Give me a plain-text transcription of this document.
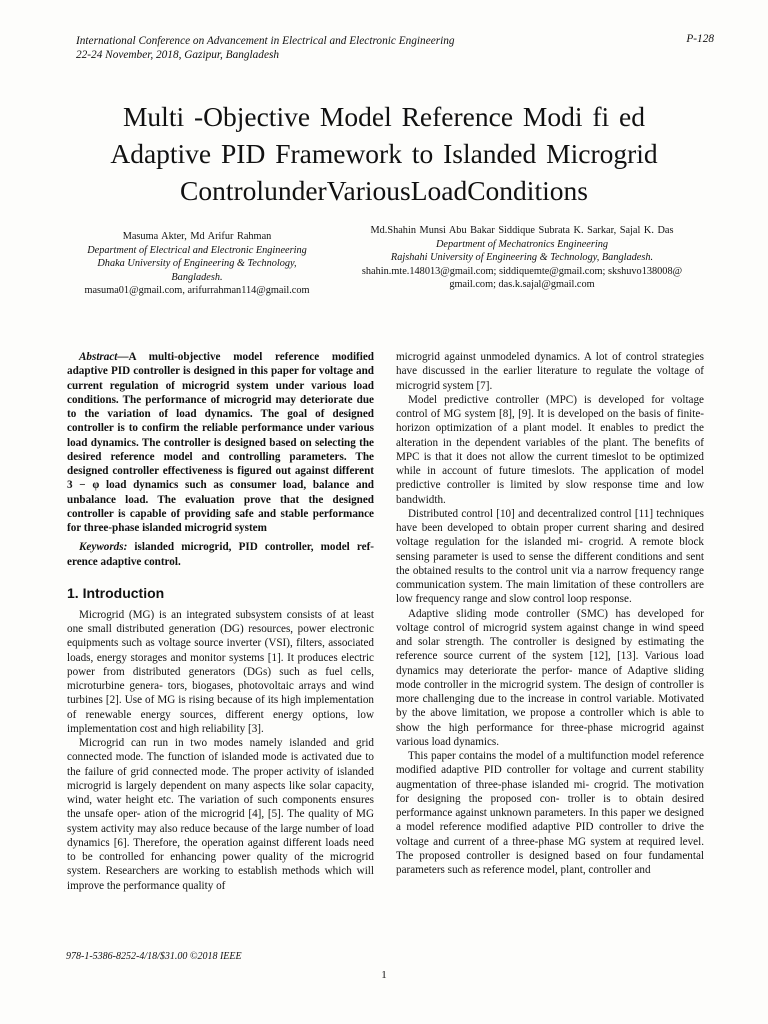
International Conference on Advancement in Electrical and Electronic Engineering
22-24 November, 2018, Gazipur, Bangladesh
P-128
Multi -Objective Model Reference Modi fi ed
Adaptive PID Framework to Islanded Microgrid
ControlunderVariousLoadConditions
Masuma Akter, Md Arifur Rahman
Department of Electrical and Electronic Engineering
Dhaka University of Engineering & Technology,
Bangladesh.
masuma01@gmail.com, arifurrahman114@gmail.com
Md.Shahin Munsi Abu Bakar Siddique Subrata K. Sarkar, Sajal K. Das
Department of Mechatronics Engineering
Rajshahi University of Engineering & Technology, Bangladesh.
shahin.mte.148013@gmail.com; siddiquemte@gmail.com; skshuvo138008@
gmail.com; das.k.sajal@gmail.com

Abstract—A multi-objective model reference modified adaptive PID controller is designed in this paper for voltage and current regulation of microgrid system under various load conditions. The performance of microgrid may deteriorate due to the variation of load dynamics. The goal of designed controller is to confirm the reliable performance under various load dynamics. The controller is designed based on selecting the desired reference model and controlling parameters. The designed controller effectiveness is figured out against different 3 − φ load dynamics such as consumer load, balance and unbalance load. The evaluation prove that the designed controller is capable of providing safe and stable performance for three-phase islanded microgrid system

Keywords: islanded microgrid, PID controller, model ref- erence adaptive control.

1. Introduction

Microgrid (MG) is an integrated subsystem consists of at least one small distributed generation (DG) resources, power electronic equipments such as voltage source inverter (VSI), filters, associated loads, energy storages and monitor systems [1]. It produces electric power from distributed generators (DGs) such as fuel cells, microturbine genera- tors, biogases, photovoltaic arrays and wind turbines [2]. Use of MG is rising because of its high implementation of renewable energy sources, different energy options, low implementation cost and high reliability [3].

Microgrid can run in two modes namely islanded and grid connected mode. The function of islanded mode is activated due to the failure of grid connected mode. The proper activity of islanded microgrid is largely dependent on many aspects like solar capacity, wind, water height etc. The variation of such components ensures the unsafe oper- ation of the microgrid [4], [5]. The quality of MG system activity may also reduce because of the large number of load dynamics [6]. Therefore, the operation against different loads need to be controlled for enhancing power quality of the microgrid system. Researchers are working to establish methods which will improve the performance quality of

microgrid against unmodeled dynamics. A lot of control strategies have discussed in the earlier literature to regulate the voltage of microgrid system [7].

Model predictive controller (MPC) is developed for voltage control of MG system [8], [9]. It is developed on the basis of finite-horizon optimization of a plant model. It enables to predict the alteration in the dependent variables of the plant. The benefits of MPC is that it does not allow the current timeslot to be optimized while in account of future timeslots. The application of model predictive controller is limited by slow response time and low bandwidth.

Distributed control [10] and decentralized control [11] techniques have been developed to obtain proper current sharing and desired voltage regulation for the islanded mi- crogrid. A remote block sensing parameter is used to sense the different conditions and sent the obtained results to the control unit via a narrow frequency range communication system. The main limitation of these controllers are low frequency range and slow control loop response.

Adaptive sliding mode controller (SMC) has developed for voltage control of microgrid system against change in wind speed and solar strength. The controller is designed by estimating the reference source current of the system [12], [13]. Various load dynamics may deteriorate the perfor- mance of Adaptive sliding mode controller in the microgrid system. The design of controller is more challenging due to the increase in control variable. Motivated by the above limitation, we propose a controller which is able to show the high performance for three-phase microgrid against various load dynamics.

This paper contains the model of a multifunction model reference modified adaptive PID controller for voltage and current stability augmentation of three-phase islanded mi- crogrid. The motivation for designing the proposed con- troller is to obtain desired performance against unknown parameters. In this paper we designed a model reference modified adaptive PID controller to drive the voltage and current of a three-phase MG system at required level. The proposed controller is designed based on four fundamental parameters such as reference model, plant, controller and

978-1-5386-8252-4/18/$31.00 ©2018 IEEE
1
